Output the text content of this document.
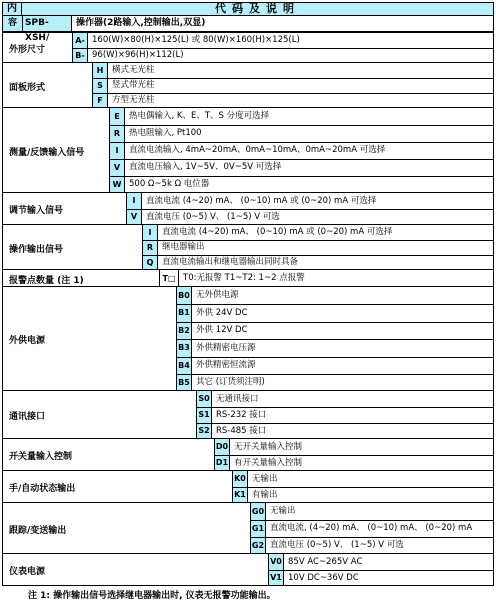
内	代码及说明
容 SPB-XSH/
操作器(2路输入,控制输出,双显)
外形尺寸
A- 160(W)×80(H)×125(L) 或 80(W)×160(H)×125(L)
B- 96(W)×96(H)×112(L)
面板形式
H	横式无光柱
S	竖式带光柱
F	方型无光柱
测量/反馈输入信号
E	热电偶输入, K、E、T、S 分度可选择
R	热电阻输入, Pt100
I	直流电流输入, 4mA~20mA、0mA~10mA、0mA~20mA 可选择
V	直流电压输入, 1V~5V、0V~5V 可选择
W 500 Ω~5k Ω 电位器
调节输入信号
I	直流电流 (4~20) mA、 (0~10) mA 或 (0~20) mA 可选择
V	直流电压 (0~5) V、 (1~5) V 可选
操作输出信号
I	直流电流 (4~20) mA、 (0~10) mA 或 (0~20) mA 可选择
R	继电器输出
Q	直流电流输出和继电器输出同时具备
报警点数量 (注 1)	T□ T0:无报警 T1~T2: 1~2 点报警
外供电源
B0 无外供电源
B1 外供 24V DC
B2 外供 12V DC
B3 外供精密电压源
B4 外供精密恒流源
B5 其它 (订货须注明)
通讯接口
S0 无通讯接口
S1 RS-232 接口
S2 RS-485 接口
开关量输入控制
D0 无开关量输入控制
D1 有开关量输入控制
手/自动状态输出
K0 无输出
K1 有输出
跟踪/变送输出
G0 无输出
G1 直流电流, (4~20) mA、 (0~10) mA、 (0~20) mA
G2 直流电压 (0~5) V、 (1~5) V 可选
仪表电源
V0 85V AC~265V AC
V1 10V DC~36V DC
注 1: 操作输出信号选择继电器输出时, 仪表无报警功能输出。
